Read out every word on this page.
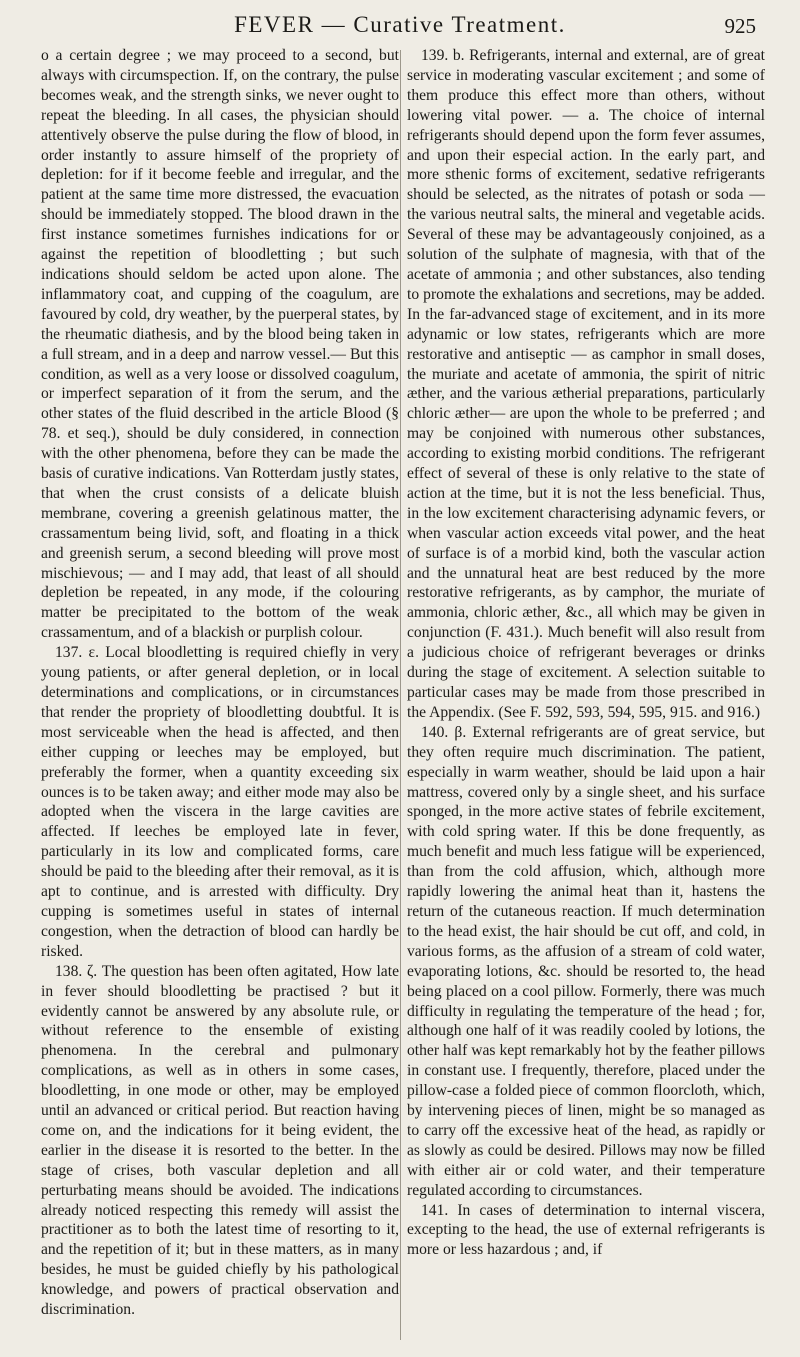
FEVER — Curative Treatment.	925

o a certain degree ; we may proceed to a second, but always with circumspection. If, on the contrary, the pulse becomes weak, and the strength sinks, we never ought to repeat the bleeding. In all cases, the physician should attentively observe the pulse during the flow of blood, in order instantly to assure himself of the propriety of depletion: for if it become feeble and irregular, and the patient at the same time more distressed, the evacuation should be immediately stopped. The blood drawn in the first instance sometimes furnishes indications for or against the repetition of bloodletting ; but such indications should seldom be acted upon alone. The inflammatory coat, and cupping of the coagulum, are favoured by cold, dry weather, by the puerperal states, by the rheumatic diathesis, and by the blood being taken in a full stream, and in a deep and narrow vessel.— But this condition, as well as a very loose or dissolved coagulum, or imperfect separation of it from the serum, and the other states of the fluid described in the article Blood (§ 78. et seq.), should be duly considered, in connection with the other phenomena, before they can be made the basis of curative indications. Van Rotterdam justly states, that when the crust consists of a delicate bluish membrane, covering a greenish gelatinous matter, the crassamentum being livid, soft, and floating in a thick and greenish serum, a second bleeding will prove most mischievous; — and I may add, that least of all should depletion be repeated, in any mode, if the colouring matter be precipitated to the bottom of the weak crassamentum, and of a blackish or purplish colour.

137. ε. Local bloodletting is required chiefly in very young patients, or after general depletion, or in local determinations and complications, or in circumstances that render the propriety of bloodletting doubtful. It is most serviceable when the head is affected, and then either cupping or leeches may be employed, but preferably the former, when a quantity exceeding six ounces is to be taken away; and either mode may also be adopted when the viscera in the large cavities are affected. If leeches be employed late in fever, particularly in its low and complicated forms, care should be paid to the bleeding after their removal, as it is apt to continue, and is arrested with difficulty. Dry cupping is sometimes useful in states of internal congestion, when the detraction of blood can hardly be risked.

138. ζ. The question has been often agitated, How late in fever should bloodletting be practised ? but it evidently cannot be answered by any absolute rule, or without reference to the ensemble of existing phenomena. In the cerebral and pulmonary complications, as well as in others in some cases, bloodletting, in one mode or other, may be employed until an advanced or critical period. But reaction having come on, and the indications for it being evident, the earlier in the disease it is resorted to the better. In the stage of crises, both vascular depletion and all perturbating means should be avoided. The indications already noticed respecting this remedy will assist the practitioner as to both the latest time of resorting to it, and the repetition of it; but in these matters, as in many besides, he must be guided chiefly by his pathological knowledge, and powers of practical observation and discrimination.

139. b. Refrigerants, internal and external, are of great service in moderating vascular excitement ; and some of them produce this effect more than others, without lowering vital power. — a. The choice of internal refrigerants should depend upon the form fever assumes, and upon their especial action. In the early part, and more sthenic forms of excitement, sedative refrigerants should be selected, as the nitrates of potash or soda — the various neutral salts, the mineral and vegetable acids. Several of these may be advantageously conjoined, as a solution of the sulphate of magnesia, with that of the acetate of ammonia ; and other substances, also tending to promote the exhalations and secretions, may be added. In the far-advanced stage of excitement, and in its more adynamic or low states, refrigerants which are more restorative and antiseptic — as camphor in small doses, the muriate and acetate of ammonia, the spirit of nitric æther, and the various ætherial preparations, particularly chloric æther— are upon the whole to be preferred ; and may be conjoined with numerous other substances, according to existing morbid conditions. The refrigerant effect of several of these is only relative to the state of action at the time, but it is not the less beneficial. Thus, in the low excitement characterising adynamic fevers, or when vascular action exceeds vital power, and the heat of surface is of a morbid kind, both the vascular action and the unnatural heat are best reduced by the more restorative refrigerants, as by camphor, the muriate of ammonia, chloric æther, &c., all which may be given in conjunction (F. 431.). Much benefit will also result from a judicious choice of refrigerant beverages or drinks during the stage of excitement. A selection suitable to particular cases may be made from those prescribed in the Appendix. (See F. 592, 593, 594, 595, 915. and 916.)

140. β. External refrigerants are of great service, but they often require much discrimination. The patient, especially in warm weather, should be laid upon a hair mattress, covered only by a single sheet, and his surface sponged, in the more active states of febrile excitement, with cold spring water. If this be done frequently, as much benefit and much less fatigue will be experienced, than from the cold affusion, which, although more rapidly lowering the animal heat than it, hastens the return of the cutaneous reaction. If much determination to the head exist, the hair should be cut off, and cold, in various forms, as the affusion of a stream of cold water, evaporating lotions, &c. should be resorted to, the head being placed on a cool pillow. Formerly, there was much difficulty in regulating the temperature of the head ; for, although one half of it was readily cooled by lotions, the other half was kept remarkably hot by the feather pillows in constant use. I frequently, therefore, placed under the pillow-case a folded piece of common floorcloth, which, by intervening pieces of linen, might be so managed as to carry off the excessive heat of the head, as rapidly or as slowly as could be desired. Pillows may now be filled with either air or cold water, and their temperature regulated according to circumstances.

141. In cases of determination to internal viscera, excepting to the head, the use of external refrigerants is more or less hazardous ; and, if
